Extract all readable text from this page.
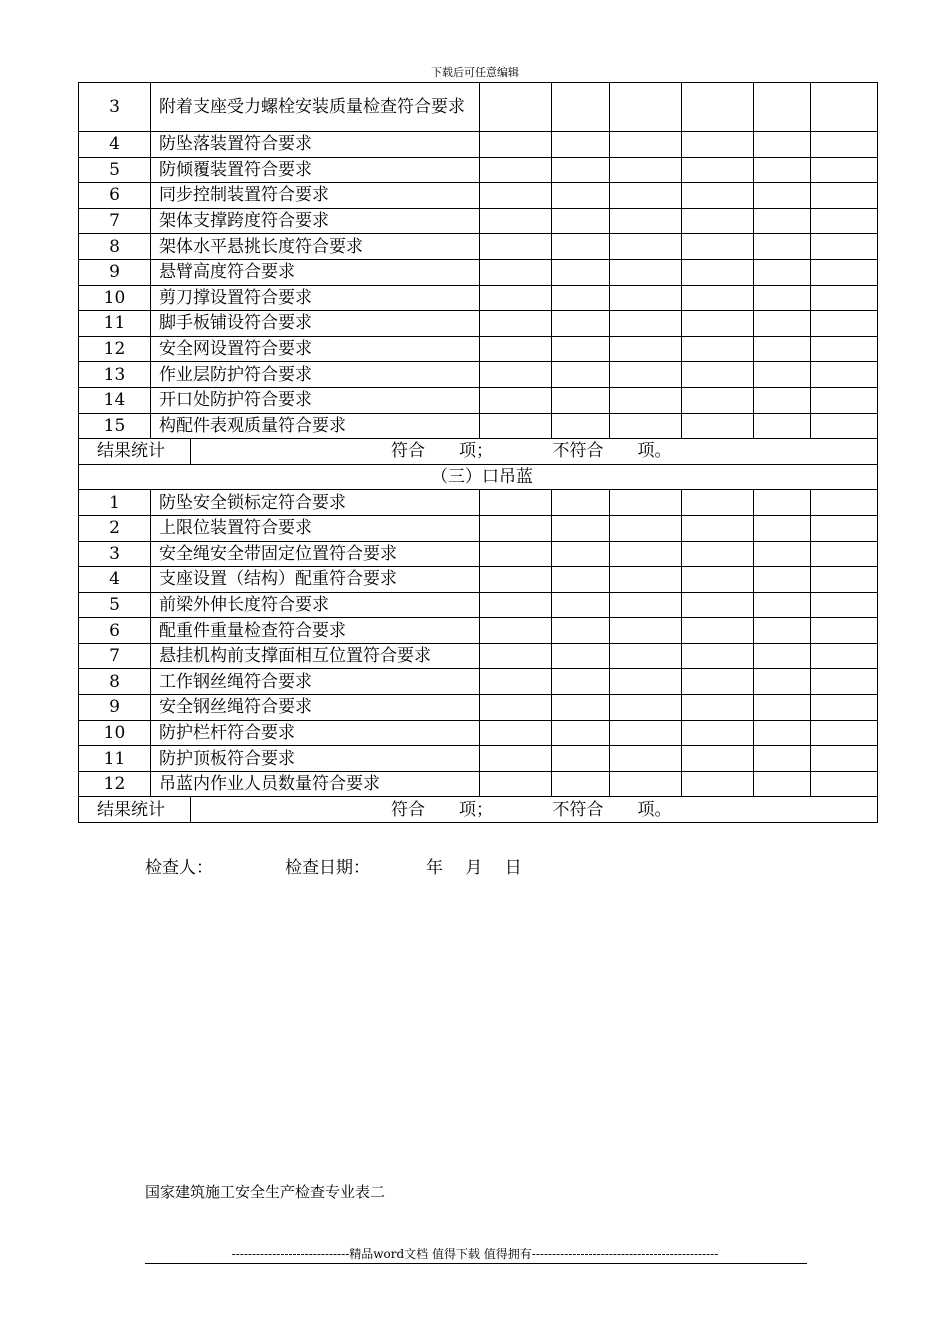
下载后可任意编辑
3	附着支座受力螺栓安装质量检查符合要求							
4	防坠落装置符合要求							
5	防倾覆装置符合要求							
6	同步控制装置符合要求							
7	架体支撑跨度符合要求							
8	架体水平悬挑长度符合要求							
9	悬臂高度符合要求							
10	剪刀撑设置符合要求							
11	脚手板铺设符合要求							
12	安全网设置符合要求							
13	作业层防护符合要求							
14	开口处防护符合要求							
15	构配件表观质量符合要求							
结果统计		符合　　项；　　　　不符合　　项。						
（三）口吊蓝								
1	防坠安全锁标定符合要求							
2	上限位装置符合要求							
3	安全绳安全带固定位置符合要求							
4	支座设置（结构）配重符合要求							
5	前梁外伸长度符合要求							
6	配重件重量检查符合要求							
7	悬挂机构前支撑面相互位置符合要求							
8	工作钢丝绳符合要求							
9	安全钢丝绳符合要求							
10	防护栏杆符合要求							
11	防护顶板符合要求							
12	吊蓝内作业人员数量符合要求							
结果统计		符合　　项；　　　　不符合　　项。						
检查人：	检查日期：	年　 月　 日
国家建筑施工安全生产检查专业表二
-----------------------------精品word文档 值得下载 值得拥有----------------------------------------------
